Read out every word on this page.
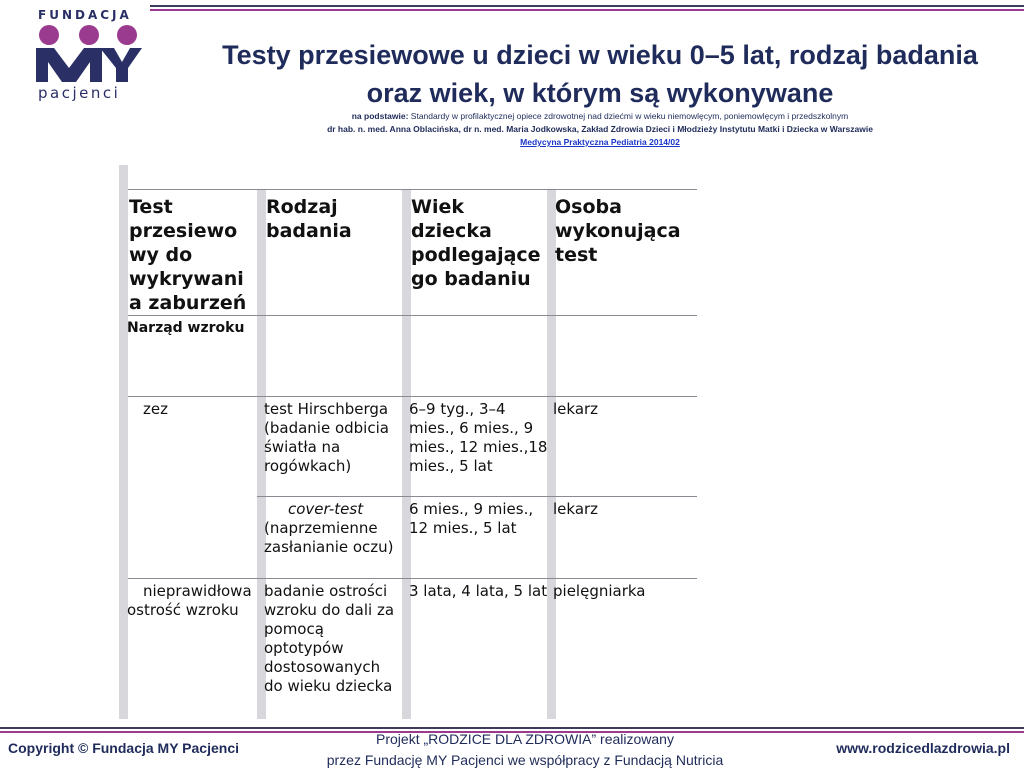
FUNDACJA
pacjenci
Testy przesiewowe u dzieci w wieku 0–5 lat, rodzaj badania
oraz wiek, w którym są wykonywane
na podstawie: Standardy w profilaktycznej opiece zdrowotnej nad dziećmi w wieku niemowlęcym, poniemowlęcym i przedszkolnym
dr hab. n. med. Anna Oblacińska, dr n. med. Maria Jodkowska, Zakład Zdrowia Dzieci i Młodzieży Instytutu Matki i Dziecka w Warszawie
Medycyna Praktyczna Pediatria 2014/02
Test przesiewo wy do wykrywani a zaburzeń
Rodzaj badania
Wiek dziecka podlegające go badaniu
Osoba wykonująca test
Narząd wzroku
zez	test Hirschberga (badanie odbicia światła na rogówkach)
6–9 tyg., 3–4 mies., 6 mies., 9 mies., 12 mies.,18 mies., 5 lat
lekarz
cover-test (naprzemienne zasłanianie oczu)
6 mies., 9 mies., 12 mies., 5 lat
lekarz
nieprawidłowa ostrość wzroku
badanie ostrości wzroku do dali za pomocą optotypów dostosowanych do wieku dziecka
3 lata, 4 lata, 5 lat pielęgniarka
Copyright © Fundacja MY Pacjenci
Projekt „RODZICE DLA ZDROWIA” realizowany
przez Fundację MY Pacjenci we współpracy z Fundacją Nutricia
www.rodzicedlazdrowia.pl
